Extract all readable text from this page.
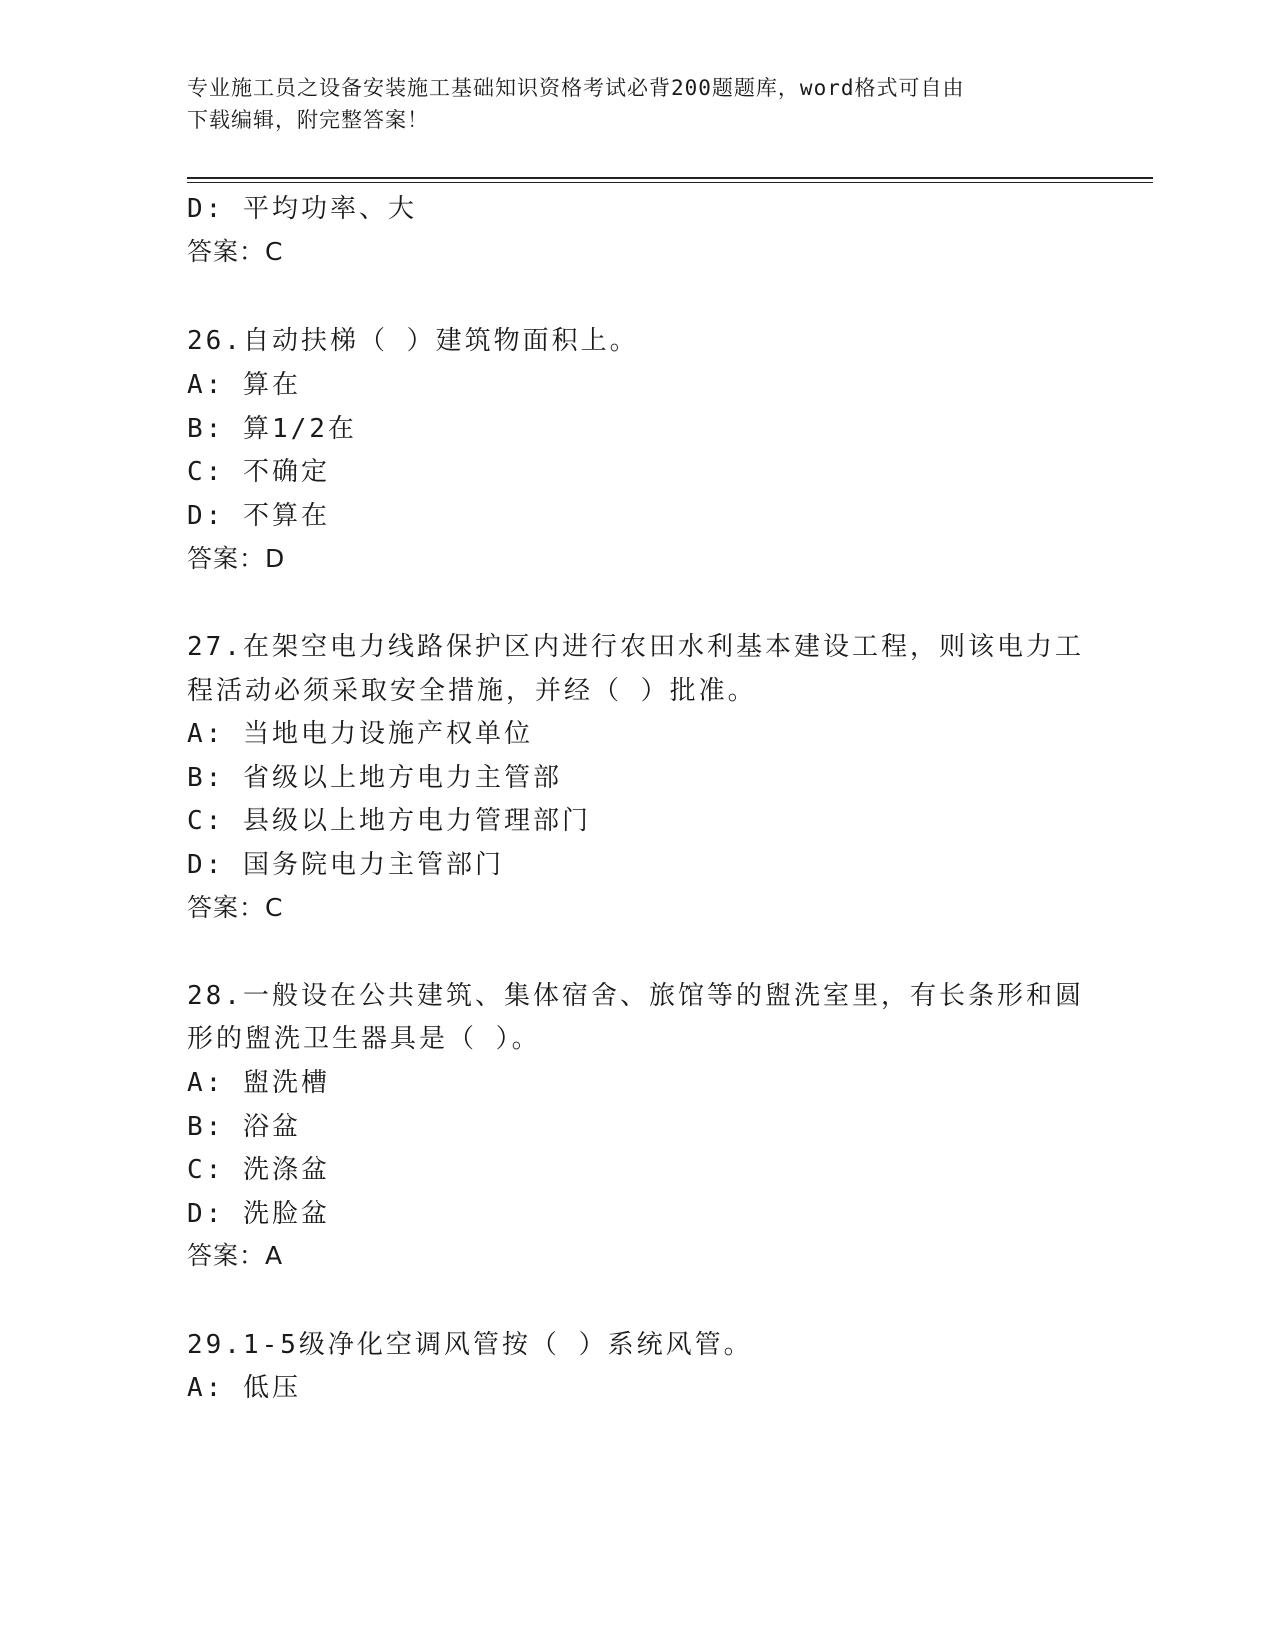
专业施工员之设备安装施工基础知识资格考试必背200题题库，word格式可自由
下载编辑，附完整答案！
D: 平均功率、大
答案：C
26.自动扶梯（ ）建筑物面积上。
A: 算在
B: 算1/2在
C: 不确定
D: 不算在
答案：D
27.在架空电力线路保护区内进行农田水利基本建设工程，则该电力工
程活动必须采取安全措施，并经（ ）批准。
A: 当地电力设施产权单位
B: 省级以上地方电力主管部
C: 县级以上地方电力管理部门
D: 国务院电力主管部门
答案：C
28.一般设在公共建筑、集体宿舍、旅馆等的盥洗室里，有长条形和圆
形的盥洗卫生器具是（ ）。
A: 盥洗槽
B: 浴盆
C: 洗涤盆
D: 洗脸盆
答案：A
29.1-5级净化空调风管按（ ）系统风管。
A: 低压
